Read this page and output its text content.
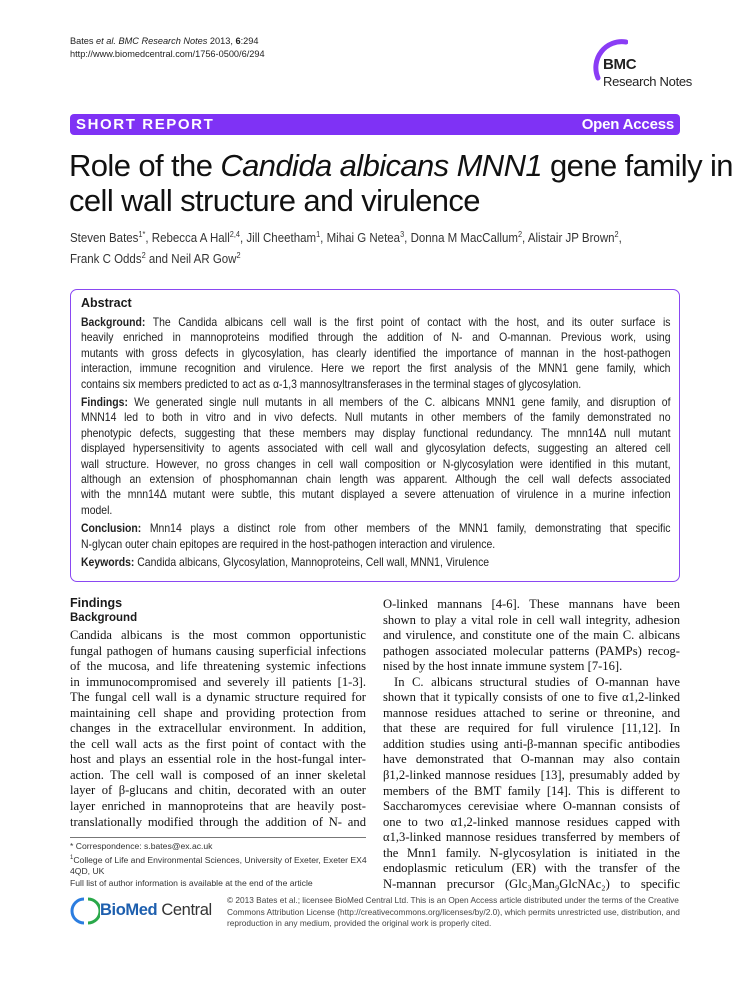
Bates et al. BMC Research Notes 2013, 6:294
http://www.biomedcentral.com/1756-0500/6/294
BMC
Research Notes
SHORT REPORT	Open Access
Role of the Candida albicans MNN1 gene family in
cell wall structure and virulence
Steven Bates$^{1*}$, Rebecca A Hall$^{2,4}$, Jill Cheetham$^1$, Mihai G Netea$^3$, Donna M MacCallum$^2$, Alistair JP Brown$^2$,
Frank C Odds$^2$ and Neil AR Gow$^2$
Abstract
Background: The Candida albicans cell wall is the first point of contact with the host, and its outer surface is
heavily enriched in mannoproteins modified through the addition of N- and O-mannan. Previous work, using
mutants with gross defects in glycosylation, has clearly identified the importance of mannan in the host-pathogen
interaction, immune recognition and virulence. Here we report the first analysis of the MNN1 gene family, which
contains six members predicted to act as α-1,3 mannosyltransferases in the terminal stages of glycosylation.
Findings: We generated single null mutants in all members of the C. albicans MNN1 gene family, and disruption of
MNN14 led to both in vitro and in vivo defects. Null mutants in other members of the family demonstrated no
phenotypic defects, suggesting that these members may display functional redundancy. The mnn14Δ null mutant
displayed hypersensitivity to agents associated with cell wall and glycosylation defects, suggesting an altered cell
wall structure. However, no gross changes in cell wall composition or N-glycosylation were identified in this mutant,
although an extension of phosphomannan chain length was apparent. Although the cell wall defects associated
with the mnn14Δ mutant were subtle, this mutant displayed a severe attenuation of virulence in a murine infection
model.
Conclusion: Mnn14 plays a distinct role from other members of the MNN1 family, demonstrating that specific
N-glycan outer chain epitopes are required in the host-pathogen interaction and virulence.
Keywords: Candida albicans, Glycosylation, Mannoproteins, Cell wall, MNN1, Virulence
Findings
Background
Candida albicans is the most common opportunistic
fungal pathogen of humans causing superficial infections
of the mucosa, and life threatening systemic infections
in immunocompromised and severely ill patients [1-3].
The fungal cell wall is a dynamic structure required for
maintaining cell shape and providing protection from
changes in the extracellular environment. In addition,
the cell wall acts as the first point of contact with the
host and plays an essential role in the host-fungal inter-
action. The cell wall is composed of an inner skeletal
layer of β-glucans and chitin, decorated with an outer
layer enriched in mannoproteins that are heavily post-
translationally modified through the addition of N- and
O-linked mannans [4-6]. These mannans have been
shown to play a vital role in cell wall integrity, adhesion
and virulence, and constitute one of the main C. albicans
pathogen associated molecular patterns (PAMPs) recog-
nised by the host innate immune system [7-16].
In C. albicans structural studies of O-mannan have
shown that it typically consists of one to five α1,2-linked
mannose residues attached to serine or threonine, and
that these are required for full virulence [11,12]. In
addition studies using anti-β-mannan specific antibodies
have demonstrated that O-mannan may also contain
β1,2-linked mannose residues [13], presumably added by
members of the BMT family [14]. This is different to
Saccharomyces cerevisiae where O-mannan consists of
one to two α1,2-linked mannose residues capped with
α1,3-linked mannose residues transferred by members of
the Mnn1 family. N-glycosylation is initiated in the
endoplasmic reticulum (ER) with the transfer of the
N-mannan precursor (Glc₃Man₉GlcNAc₂) to specific
* Correspondence: s.bates@ex.ac.uk
$^1$College of Life and Environmental Sciences, University of Exeter, Exeter EX4 4QD, UK
Full list of author information is available at the end of the article
BioMed Central
© 2013 Bates et al.; licensee BioMed Central Ltd. This is an Open Access article distributed under the terms of the Creative Commons Attribution License (http://creativecommons.org/licenses/by/2.0), which permits unrestricted use, distribution, and reproduction in any medium, provided the original work is properly cited.
